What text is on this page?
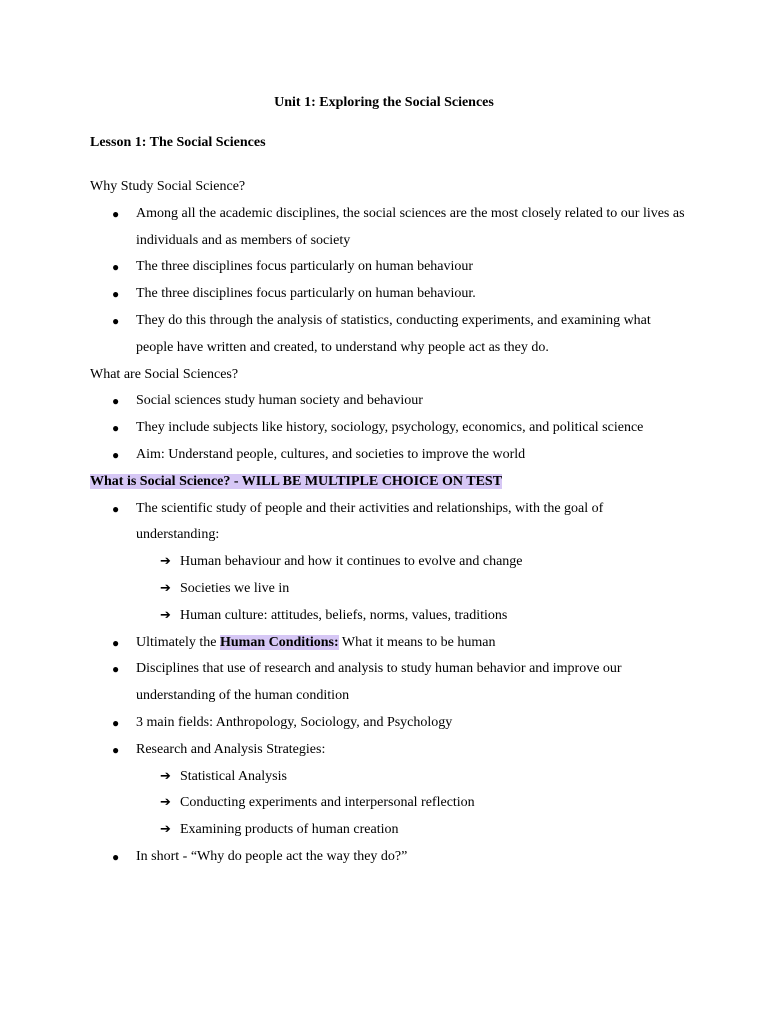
Unit 1: Exploring the Social Sciences
Lesson 1: The Social Sciences
Why Study Social Science?
● Among all the academic disciplines, the social sciences are the most closely related to our lives as individuals and as members of society
● The three disciplines focus particularly on human behaviour
● The three disciplines focus particularly on human behaviour.
● They do this through the analysis of statistics, conducting experiments, and examining what people have written and created, to understand why people act as they do.
What are Social Sciences?
● Social sciences study human society and behaviour
● They include subjects like history, sociology, psychology, economics, and political science
● Aim: Understand people, cultures, and societies to improve the world
What is Social Science? - WILL BE MULTIPLE CHOICE ON TEST
● The scientific study of people and their activities and relationships, with the goal of understanding:
➔ Human behaviour and how it continues to evolve and change
➔ Societies we live in
➔ Human culture: attitudes, beliefs, norms, values, traditions
● Ultimately the Human Conditions: What it means to be human
● Disciplines that use of research and analysis to study human behavior and improve our understanding of the human condition
● 3 main fields: Anthropology, Sociology, and Psychology
● Research and Analysis Strategies:
➔ Statistical Analysis
➔ Conducting experiments and interpersonal reflection
➔ Examining products of human creation
● In short - “Why do people act the way they do?”
